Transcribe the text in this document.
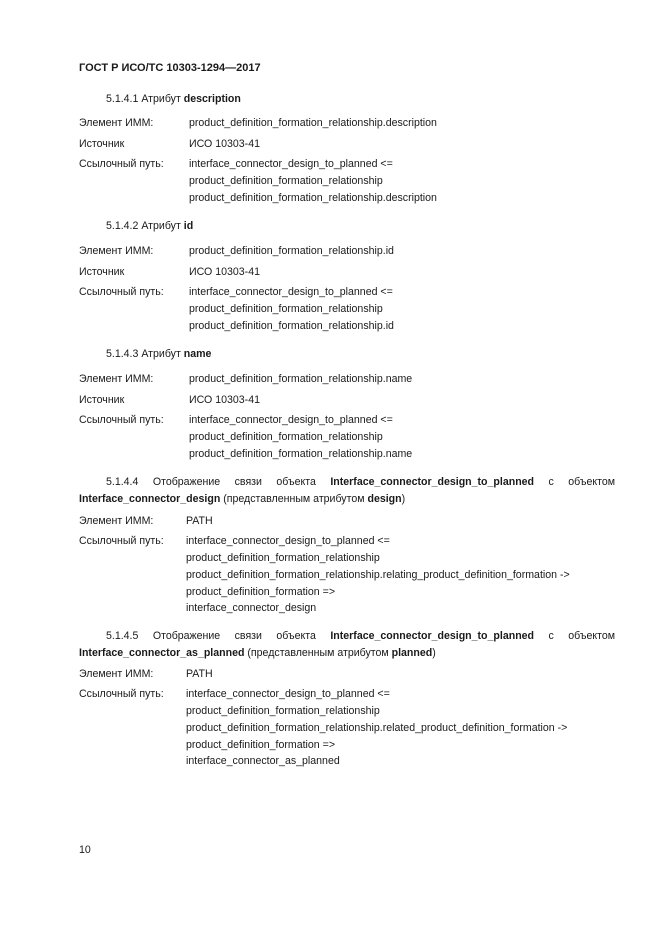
ГОСТ Р ИСО/ТС 10303-1294—2017
5.1.4.1 Атрибут description
Элемент ИММ:	product_definition_formation_relationship.description
Источник	ИСО 10303-41
Ссылочный путь: interface_connector_design_to_planned <=
product_definition_formation_relationship
product_definition_formation_relationship.description
5.1.4.2 Атрибут id
Элемент ИММ:	product_definition_formation_relationship.id
Источник	ИСО 10303-41
Ссылочный путь: interface_connector_design_to_planned <=
product_definition_formation_relationship
product_definition_formation_relationship.id
5.1.4.3 Атрибут name
Элемент ИММ:	product_definition_formation_relationship.name
Источник	ИСО 10303-41
Ссылочный путь: interface_connector_design_to_planned <=
product_definition_formation_relationship
product_definition_formation_relationship.name
5.1.4.4 Отображение связи объекта Interface_connector_design_to_planned с объектом Interface_connector_design (представленным атрибутом design)
Элемент ИММ:	PATH
Ссылочный путь: interface_connector_design_to_planned <=
product_definition_formation_relationship
product_definition_formation_relationship.relating_product_definition_formation ->
product_definition_formation =>
interface_connector_design
5.1.4.5 Отображение связи объекта Interface_connector_design_to_planned с объектом Interface_connector_as_planned (представленным атрибутом planned)
Элемент ИММ:	PATH
Ссылочный путь: interface_connector_design_to_planned <=
product_definition_formation_relationship
product_definition_formation_relationship.related_product_definition_formation ->
product_definition_formation =>
interface_connector_as_planned
10
